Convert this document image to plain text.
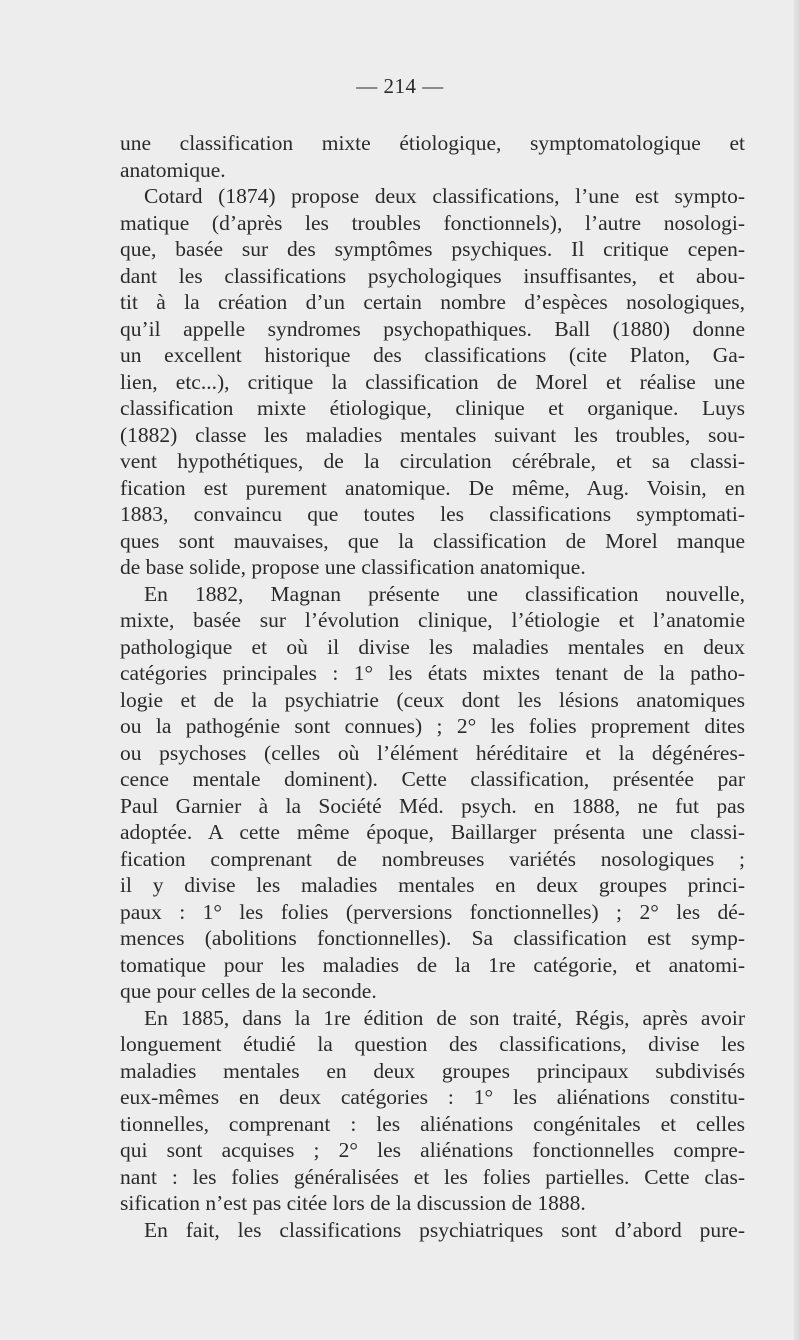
— 214 —
une classification mixte étiologique, symptomatologique et
anatomique.
Cotard (1874) propose deux classifications, l’une est sympto-
matique (d’après les troubles fonctionnels), l’autre nosologi-
que, basée sur des symptômes psychiques. Il critique cepen-
dant les classifications psychologiques insuffisantes, et abou-
tit à la création d’un certain nombre d’espèces nosologiques,
qu’il appelle syndromes psychopathiques. Ball (1880) donne
un excellent historique des classifications (cite Platon, Ga-
lien, etc...), critique la classification de Morel et réalise une
classification mixte étiologique, clinique et organique. Luys
(1882) classe les maladies mentales suivant les troubles, sou-
vent hypothétiques, de la circulation cérébrale, et sa classi-
fication est purement anatomique. De même, Aug. Voisin, en
1883, convaincu que toutes les classifications symptomati-
ques sont mauvaises, que la classification de Morel manque
de base solide, propose une classification anatomique.
En 1882, Magnan présente une classification nouvelle,
mixte, basée sur l’évolution clinique, l’étiologie et l’anatomie
pathologique et où il divise les maladies mentales en deux
catégories principales : 1° les états mixtes tenant de la patho-
logie et de la psychiatrie (ceux dont les lésions anatomiques
ou la pathogénie sont connues) ; 2° les folies proprement dites
ou psychoses (celles où l’élément héréditaire et la dégénéres-
cence mentale dominent). Cette classification, présentée par
Paul Garnier à la Société Méd. psych. en 1888, ne fut pas
adoptée. A cette même époque, Baillarger présenta une classi-
fication comprenant de nombreuses variétés nosologiques ;
il y divise les maladies mentales en deux groupes princi-
paux : 1° les folies (perversions fonctionnelles) ; 2° les dé-
mences (abolitions fonctionnelles). Sa classification est symp-
tomatique pour les maladies de la 1re catégorie, et anatomi-
que pour celles de la seconde.
En 1885, dans la 1re édition de son traité, Régis, après avoir
longuement étudié la question des classifications, divise les
maladies mentales en deux groupes principaux subdivisés
eux-mêmes en deux catégories : 1° les aliénations constitu-
tionnelles, comprenant : les aliénations congénitales et celles
qui sont acquises ; 2° les aliénations fonctionnelles compre-
nant : les folies généralisées et les folies partielles. Cette clas-
sification n’est pas citée lors de la discussion de 1888.
En fait, les classifications psychiatriques sont d’abord pure-
